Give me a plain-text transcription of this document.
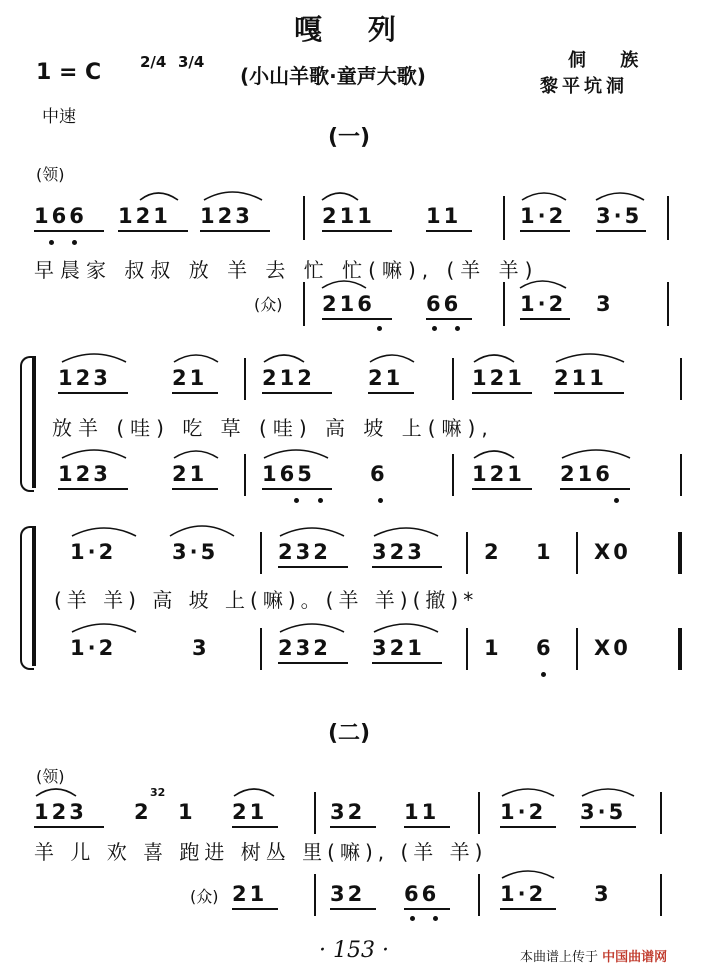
嘎 列
1 = C	2/4 3/4
(小山羊歌·童声大歌)
侗 族
黎平坑洞
中速
(一)
(领)
166 121 123	211 11	1·2 3·5
早晨家 叔叔 放 羊 去 忙 忙(嘛), (羊 羊)
(众) 216 66	1·2 3
123	21	212	21	121 211
放羊 (哇) 吃 草 (哇) 高 坡 上(嘛),
123	21	165	6	121 216
1·2	3·5	232 323	2 1 X0
(羊 羊) 高 坡 上(嘛)。(羊 羊)(撤)*
1·2	3	232 321	1 6 X0
(二)
(领)
123 2
32
1 21	32 11	1·2 3·5
羊 儿 欢 喜 跑进 树丛 里(嘛), (羊 羊)
(众) 21	32 66	1·2 3
· 153 ·	本曲谱上传于 中国曲谱网
